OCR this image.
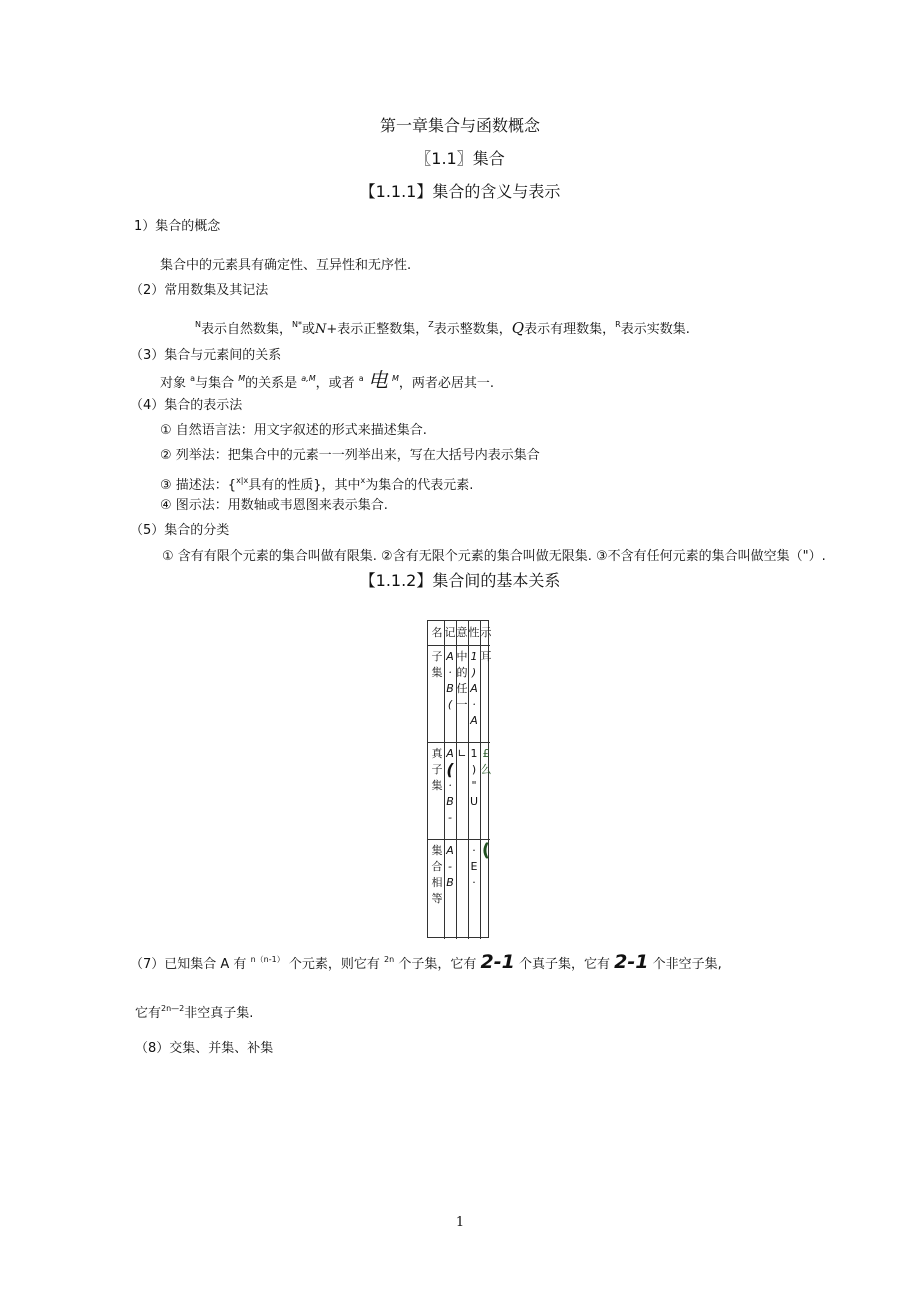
第一章集合与函数概念
〖1.1〗集合
【1.1.1】集合的含义与表示
1）集合的概念
集合中的元素具有确定性、互异性和无序性.
（2）常用数集及其记法
$^N$表示自然数集，$^{N*}$或N+表示正整数集，$^Z$表示整数集，Q表示有理数集，$^R$表示实数集.
（3）集合与元素间的关系
对象 $^a$与集合 $^M$的关系是 $^{a,M}$，或者 $^a$ 电 $^M$，两者必居其一.
（4）集合的表示法
① 自然语言法：用文字叙述的形式来描述集合.
② 列举法：把集合中的元素一一列举出来，写在大括号内表示集合
③ 描述法：{$^{x|x}$具有的性质}，其中$^x$为集合的代表元素.
④ 图示法：用数轴或韦恩图来表示集合.
（5）集合的分类
① 含有有限个元素的集合叫做有限集. ②含有无限个元素的集合叫做无限集. ③不含有任何元素的集合叫做空集（"）.
【1.1.2】集合间的基本关系
名 记 意 性 示
子
集
A
·
B
(
中
的
任
一
1
)
A
·
A
耳
真
子
集
A
(
·
B
-
∟ 1
)
"
U
£
么
集
合
相
等
A
-
B
·
E
·
(
（7）已知集合 A 有 $^{n(n-1)}$ 个元素，则它有 $^{2n}$ 个子集，它有 2-1 个真子集，它有 2-1 个非空子集,
它有$^{2n—2}$非空真子集.
（8）交集、并集、补集
1
